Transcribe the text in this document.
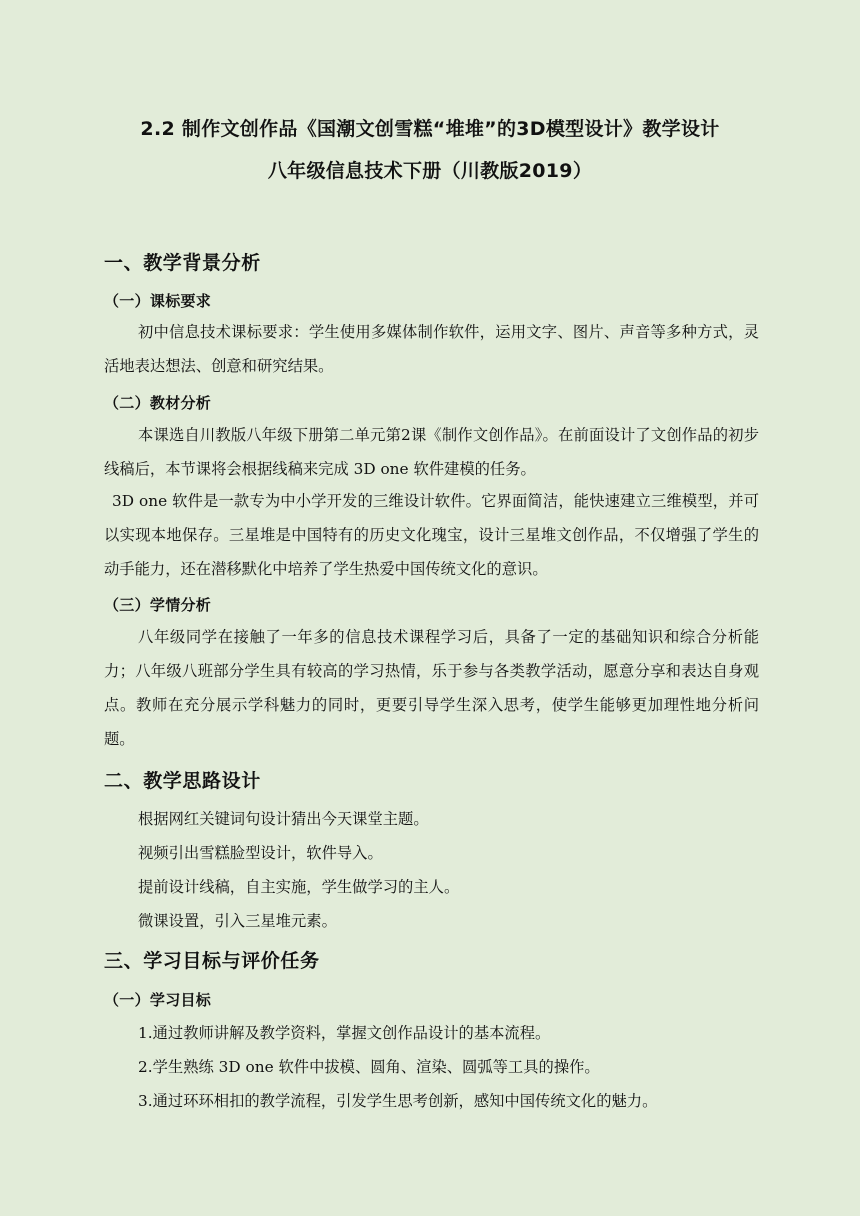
2.2 制作文创作品《国潮文创雪糕“堆堆”的3D模型设计》教学设计
八年级信息技术下册（川教版2019）
一、教学背景分析
（一）课标要求

初中信息技术课标要求：学生使用多媒体制作软件，运用文字、图片、声音等多种方式，灵活地表达想法、创意和研究结果。

（二）教材分析

本课选自川教版八年级下册第二单元第2课《制作文创作品》。在前面设计了文创作品的初步线稿后，本节课将会根据线稿来完成 3D one 软件建模的任务。

3D one 软件是一款专为中小学开发的三维设计软件。它界面简洁，能快速建立三维模型，并可以实现本地保存。三星堆是中国特有的历史文化瑰宝，设计三星堆文创作品，不仅增强了学生的动手能力，还在潜移默化中培养了学生热爱中国传统文化的意识。

（三）学情分析

八年级同学在接触了一年多的信息技术课程学习后，具备了一定的基础知识和综合分析能力；八年级八班部分学生具有较高的学习热情，乐于参与各类教学活动，愿意分享和表达自身观点。教师在充分展示学科魅力的同时，更要引导学生深入思考，使学生能够更加理性地分析问题。

二、教学思路设计
根据网红关键词句设计猜出今天课堂主题。
视频引出雪糕脸型设计，软件导入。
提前设计线稿，自主实施，学生做学习的主人。
微课设置，引入三星堆元素。
三、学习目标与评价任务
（一）学习目标
1.通过教师讲解及教学资料，掌握文创作品设计的基本流程。
2.学生熟练 3D one 软件中拔模、圆角、渲染、圆弧等工具的操作。
3.通过环环相扣的教学流程，引发学生思考创新，感知中国传统文化的魅力。
